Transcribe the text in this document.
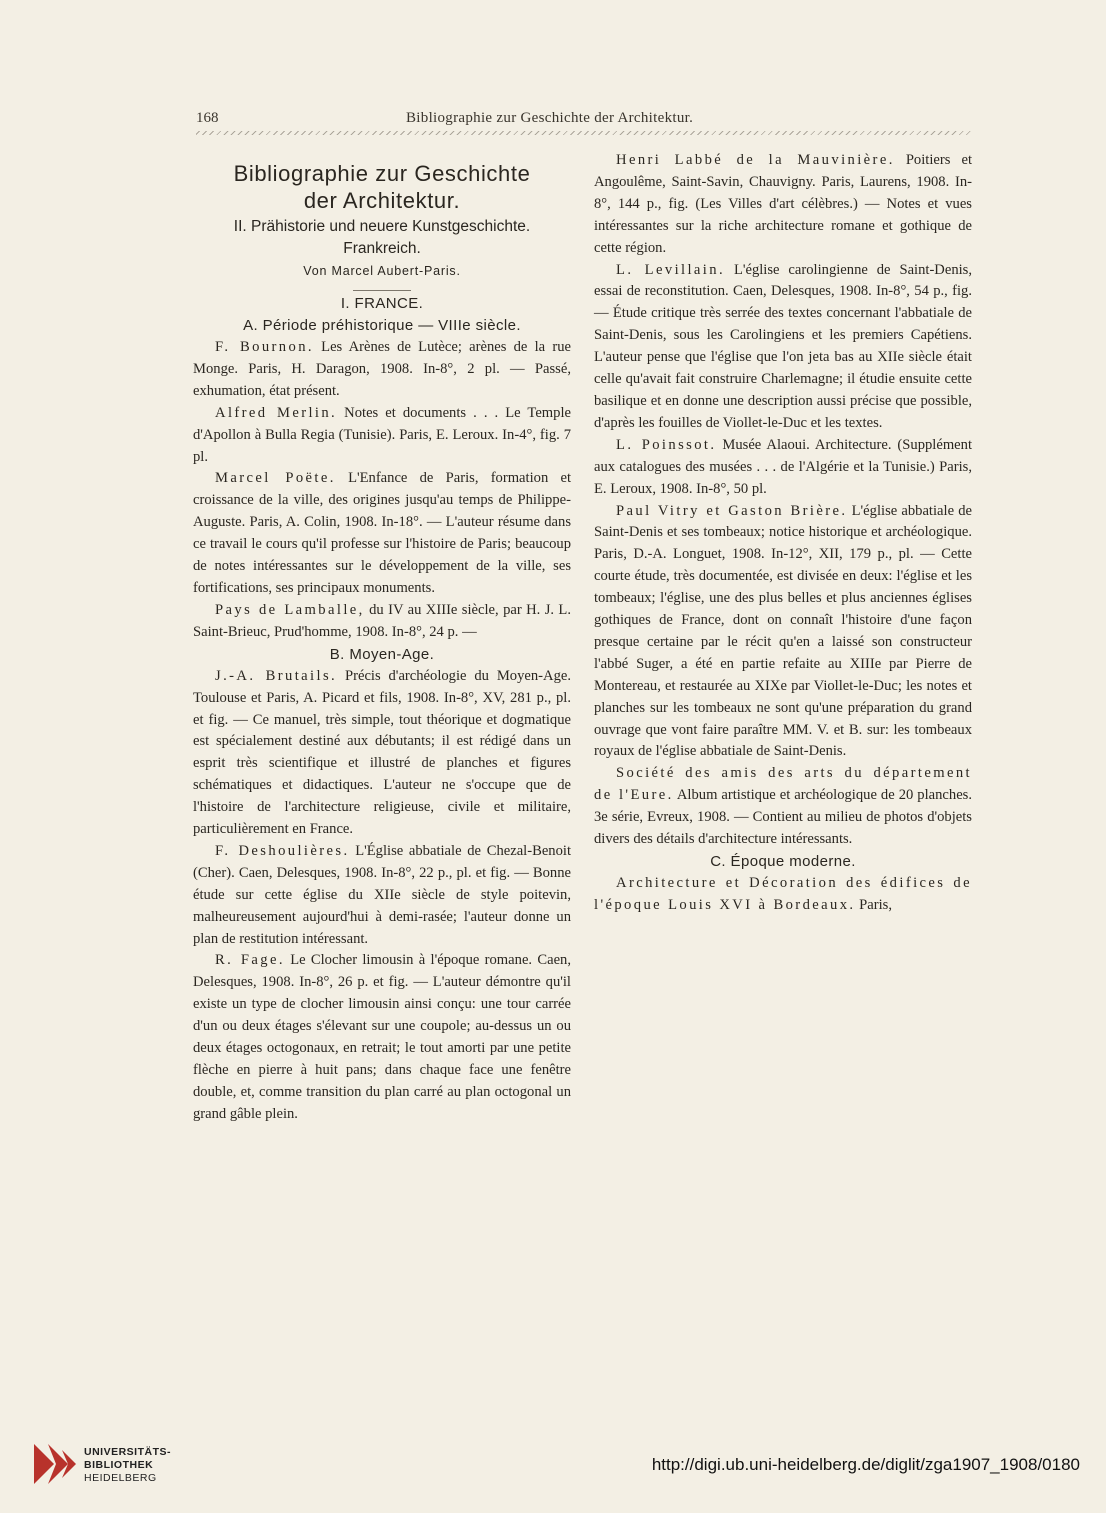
168	Bibliographie zur Geschichte der Architektur.
Bibliographie zur Geschichte
der Architektur.
II. Prähistorie und neuere Kunstgeschichte.
Frankreich.
Von Marcel Aubert-Paris.
I. FRANCE.
A. Période préhistorique — VIIIe siècle.

F. Bournon. Les Arènes de Lutèce; arènes de la rue Monge. Paris, H. Daragon, 1908. In-8°, 2 pl. — Passé, exhumation, état présent.

Alfred Merlin. Notes et documents . . . Le Temple d'Apollon à Bulla Regia (Tunisie). Paris, E. Leroux. In-4°, fig. 7 pl.

Marcel Poëte. L'Enfance de Paris, formation et croissance de la ville, des origines jusqu'au temps de Philippe-Auguste. Paris, A. Colin, 1908. In-18°. — L'auteur résume dans ce travail le cours qu'il professe sur l'histoire de Paris; beaucoup de notes intéressantes sur le développement de la ville, ses fortifications, ses principaux monuments.

Pays de Lamballe, du IV au XIIIe siècle, par H. J. L. Saint-Brieuc, Prud'homme, 1908. In-8°, 24 p. —

B. Moyen-Age.

J.-A. Brutails. Précis d'archéologie du Moyen-Age. Toulouse et Paris, A. Picard et fils, 1908. In-8°, XV, 281 p., pl. et fig. — Ce manuel, très simple, tout théorique et dogmatique est spécialement destiné aux débutants; il est rédigé dans un esprit très scientifique et illustré de planches et figures schématiques et didactiques. L'auteur ne s'occupe que de l'histoire de l'architecture religieuse, civile et militaire, particulièrement en France.

F. Deshoulières. L'Église abbatiale de Chezal-Benoit (Cher). Caen, Delesques, 1908. In-8°, 22 p., pl. et fig. — Bonne étude sur cette église du XIIe siècle de style poitevin, malheureusement aujourd'hui à demi-rasée; l'auteur donne un plan de restitution intéressant.

R. Fage. Le Clocher limousin à l'époque romane. Caen, Delesques, 1908. In-8°, 26 p. et fig. — L'auteur démontre qu'il existe un type de clocher limousin ainsi conçu: une tour carrée d'un ou deux étages s'élevant sur une coupole; au-dessus un ou deux étages octogonaux, en retrait; le tout amorti par une petite flèche en pierre à huit pans; dans chaque face une fenêtre double, et, comme transition du plan carré au plan octogonal un grand gâble plein.

Henri Labbé de la Mauvinière. Poitiers et Angoulême, Saint-Savin, Chauvigny. Paris, Laurens, 1908. In-8°, 144 p., fig. (Les Villes d'art célèbres.) — Notes et vues intéressantes sur la riche architecture romane et gothique de cette région.

L. Levillain. L'église carolingienne de Saint-Denis, essai de reconstitution. Caen, Delesques, 1908. In-8°, 54 p., fig. — Étude critique très serrée des textes concernant l'abbatiale de Saint-Denis, sous les Carolingiens et les premiers Capétiens. L'auteur pense que l'église que l'on jeta bas au XIIe siècle était celle qu'avait fait construire Charlemagne; il étudie ensuite cette basilique et en donne une description aussi précise que possible, d'après les fouilles de Viollet-le-Duc et les textes.

L. Poinssot. Musée Alaoui. Architecture. (Supplément aux catalogues des musées . . . de l'Algérie et la Tunisie.) Paris, E. Leroux, 1908. In-8°, 50 pl.

Paul Vitry et Gaston Brière. L'église abbatiale de Saint-Denis et ses tombeaux; notice historique et archéologique. Paris, D.-A. Longuet, 1908. In-12°, XII, 179 p., pl. — Cette courte étude, très documentée, est divisée en deux: l'église et les tombeaux; l'église, une des plus belles et plus anciennes églises gothiques de France, dont on connaît l'histoire d'une façon presque certaine par le récit qu'en a laissé son constructeur l'abbé Suger, a été en partie refaite au XIIIe par Pierre de Montereau, et restaurée au XIXe par Viollet-le-Duc; les notes et planches sur les tombeaux ne sont qu'une préparation du grand ouvrage que vont faire paraître MM. V. et B. sur: les tombeaux royaux de l'église abbatiale de Saint-Denis.

Société des amis des arts du département de l'Eure. Album artistique et archéologique de 20 planches. 3e série, Evreux, 1908. — Contient au milieu de photos d'objets divers des détails d'architecture intéressants.

C. Époque moderne.

Architecture et Décoration des édifices de l'époque Louis XVI à Bordeaux. Paris,

UNIVERSITÄTS-
BIBLIOTHEK
HEIDELBERG
http://digi.ub.uni-heidelberg.de/diglit/zga1907_1908/0180
